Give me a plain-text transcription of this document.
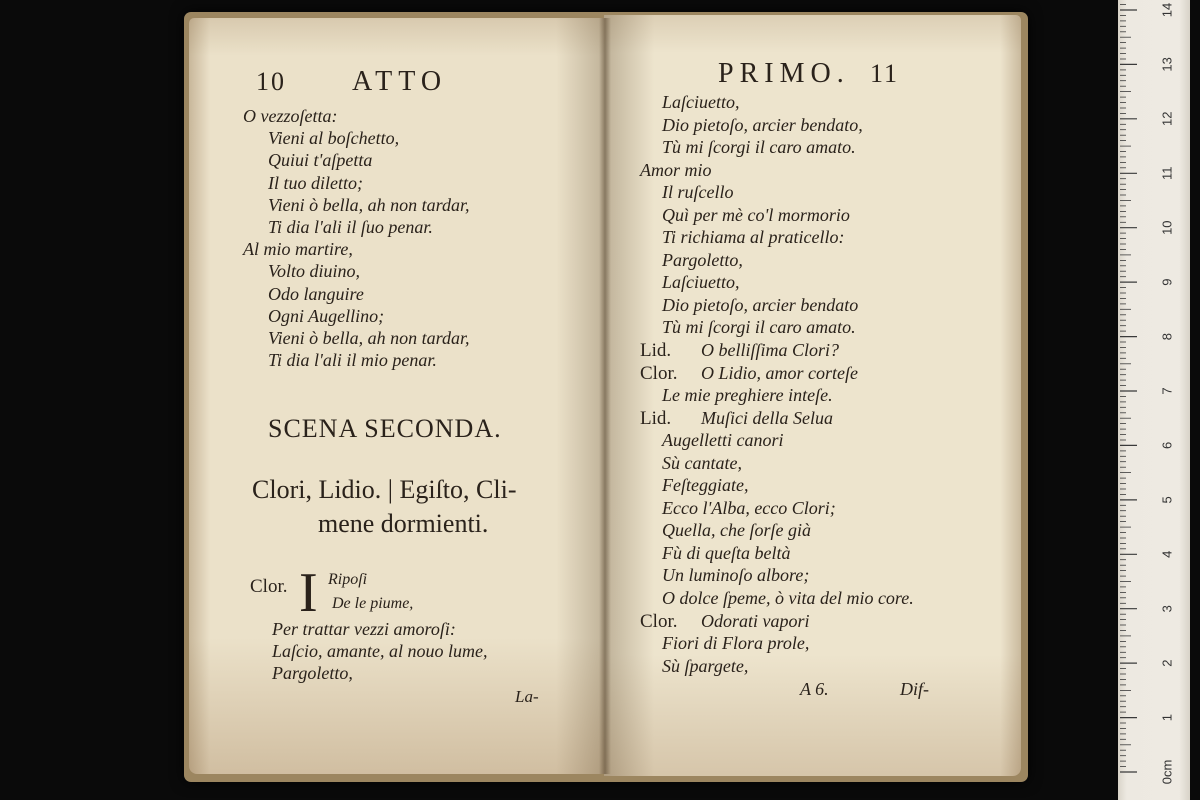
10 ATTO
O vezzoſetta:
Vieni al boſchetto,
Quiui t'aſpetta
Il tuo diletto;
Vieni ò bella, ah non tardar,
Ti dia l'ali il ſuo penar.
Al mio martire,
Volto diuino,
Odo languire
Ogni Augellino;
Vieni ò bella, ah non tardar,
Ti dia l'ali il mio penar.
SCENA SECONDA.
Clori, Lidio. | Egiſto, Cli-
mene dormienti.
Clor. I Ripoſi
De le piume,
Per trattar vezzi amoroſi:
Laſcio, amante, al nouo lume,
Pargoletto,
La-
PRIMO. 11
Laſciuetto,
Dio pietoſo, arcier bendato,
Tù mi ſcorgi il caro amato.
Amor mio
Il ruſcello
Quì per mè co'l mormorio
Ti richiama al praticello:
Pargoletto,
Laſciuetto,
Dio pietoſo, arcier bendato
Tù mi ſcorgi il caro amato.
Lid. O belliſſima Clori?
Clor. O Lidio, amor corteſe
Le mie preghiere inteſe.
Lid. Muſici della Selua
Augelletti canori
Sù cantate,
Feſteggiate,
Ecco l'Alba, ecco Clori;
Quella, che ſorſe già
Fù di queſta beltà
Un luminoſo albore;
O dolce ſpeme, ò vita del mio core.
Clor. Odorati vapori
Fiori di Flora prole,
Sù ſpargete,
A 6.	Dif-
0cm
1
2
3
4
5
6
7
8
9
10
11
12
13
14
